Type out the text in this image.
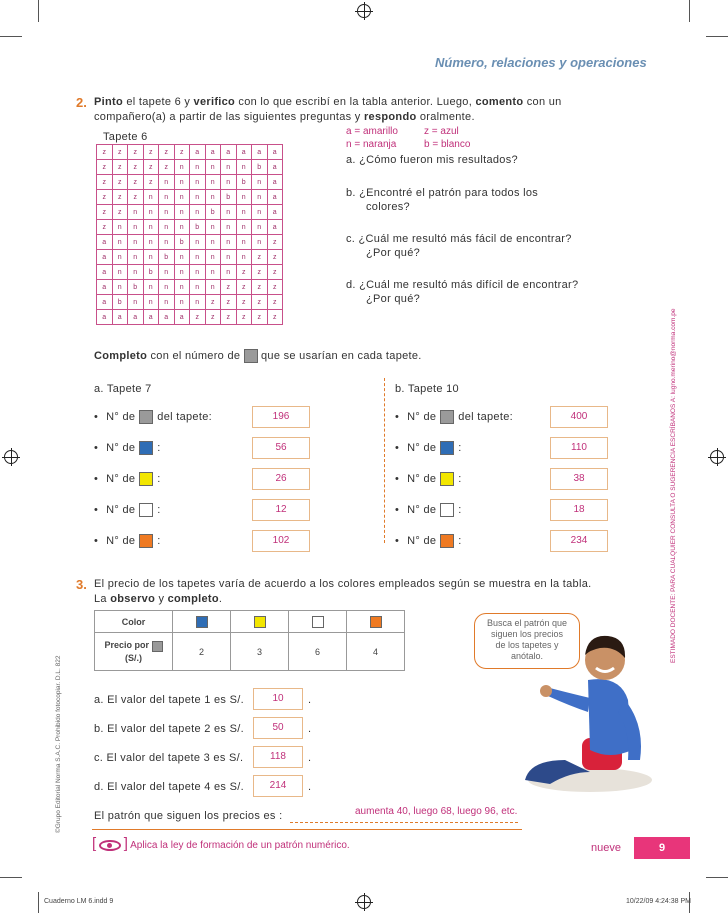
Número, relaciones y operaciones
2. Pinto el tapete 6 y verifico con lo que escribí en la tabla anterior. Luego, comento con un
compañero(a) a partir de las siguientes preguntas y respondo oralmente.
Tapete 6
z	z	z	z	z	z	a	a	a	a	a	a
z	z	z	z	z	n	n	n	n	n	b	a
z	z	z	z	n	n	n	n	n	b	n	a
z	z	z	n	n	n	n	n	b	n	n	a
z	z	n	n	n	n	n	b	n	n	n	a
z	n	n	n	n	n	b	n	n	n	n	a
a	n	n	n	n	b	n	n	n	n	n	z
a	n	n	n	b	n	n	n	n	n	z	z
a	n	n	b	n	n	n	n	n	z	z	z
a	n	b	n	n	n	n	n	z	z	z	z
a	b	n	n	n	n	n	z	z	z	z	z
a	a	a	a	a	a	z	z	z	z	z	z
a = amarillo	z = azul
n = naranja	b = blanco
a. ¿Cómo fueron mis resultados?
b. ¿Encontré el patrón para todos los
colores?
c. ¿Cuál me resultó más fácil de encontrar?
¿Por qué?
d. ¿Cuál me resultó más difícil de encontrar?
¿Por qué?
Completo con el número de  que se usarían en cada tapete.
a. Tapete 7	b. Tapete 10
• N° de del tapete:	196
• N° de :	56
• N° de :	26
• N° de :	12
• N° de :	102
• N° de del tapete:	400
• N° de :	110
• N° de :	38
• N° de :	18
• N° de :	234
3. El precio de los tapetes varía de acuerdo a los colores empleados según se muestra en la tabla.
La observo y completo.
Color				
Precio por
(S/.)	2	3	6	4
a. El valor del tapete 1 es S/.	10	.
b. El valor del tapete 2 es S/.	50	.
c. El valor del tapete 3 es S/.	118	.
d. El valor del tapete 4 es S/.	214	.
El patrón que siguen los precios es :	aumenta 40, luego 68, luego 96, etc.
Busca el patrón que
siguen los precios
de los tapetes y
anótalo.
[ ] Aplica la ley de formación de un patrón numérico.	nueve	9
ESTIMADO DOCENTE: PARA CUALQUIER CONSULTA O SUGERENCIA ESCRÍBANOS A: lugno.merino@norma.com.pe
©Grupo Editorial Norma S.A.C. Prohibido fotocopiar. D.L. 822
Cuaderno LM 6.indd 9	10/22/09 4:24:38 PM
